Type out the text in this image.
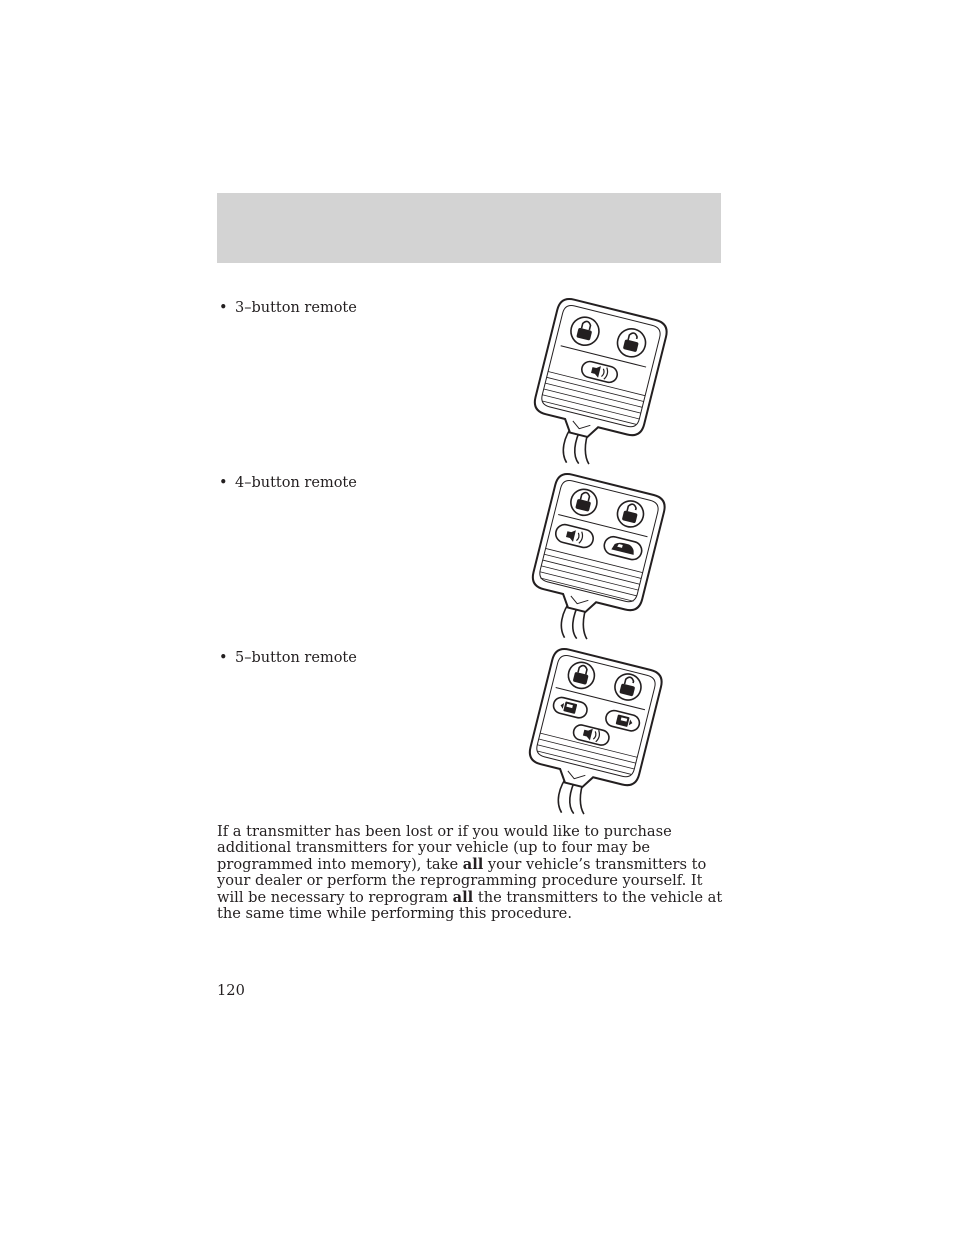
• 3–button remote
• 4–button remote
• 5–button remote

If a transmitter has been lost or if you would like to purchase additional transmitters for your vehicle (up to four may be programmed into memory), take all your vehicle’s transmitters to your dealer or perform the reprogramming procedure yourself. It will be necessary to reprogram all the transmitters to the vehicle at the same time while performing this procedure.

120
